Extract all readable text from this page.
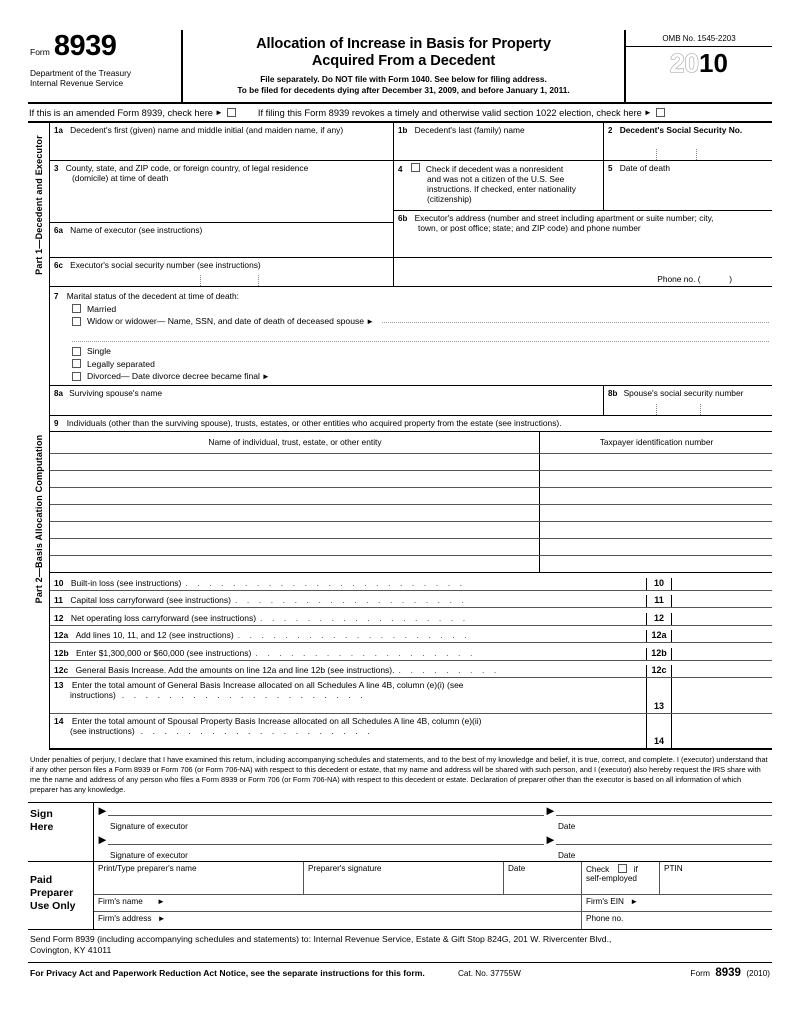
Form 8939
Department of the Treasury
Internal Revenue Service
Allocation of Increase in Basis for Property
Acquired From a Decedent
File separately. Do NOT file with Form 1040. See below for filing address.
To be filed for decedents dying after December 31, 2009, and before January 1, 2011.
OMB No. 1545-2203
2010
If this is an amended Form 8939, check here ►	If filing this Form 8939 revokes a timely and otherwise valid section 1022 election, check here ►
Part 1—Decedent and Executor
1a Decedent's first (given) name and middle initial (and maiden name, if any)	1b Decedent's last (family) name	2 Decedent's Social Security No.
3 County, state, and ZIP code, or foreign country, of legal residence
(domicile) at time of death
6a Name of executor (see instructions)
4	Check if decedent was a nonresident
and was not a citizen of the U.S. See
instructions. If checked, enter nationality
(citizenship)
5 Date of death
6b Executor's address (number and street including apartment or suite number; city,
town, or post office; state; and ZIP code) and phone number
6c Executor's social security number (see instructions)
Phone no. (	)
Part 2—Basis Allocation Computation
7 Marital status of the decedent at time of death:
Married
Widow or widower— Name, SSN, and date of death of deceased spouse ►
Single
Legally separated
Divorced— Date divorce decree became final ►
8a Surviving spouse's name	8b Spouse's social security number
9 Individuals (other than the surviving spouse), trusts, estates, or other entities who acquired property from the estate (see instructions).
Name of individual, trust, estate, or other entity	Taxpayer identification number
10 Built-in loss (see instructions) . . . . . . . . . . . . . . . . . . . . . . . .	10
11 Capital loss carryforward (see instructions) . . . . . . . . . . . . . . . . . . . .	11
12 Net operating loss carryforward (see instructions) . . . . . . . . . . . . . . . . . .	12
12a Add lines 10, 11, and 12 (see instructions) . . . . . . . . . . . . . . . . . . . .	12a
12b Enter $1,300,000 or $60,000 (see instructions) . . . . . . . . . . . . . . . . . . .	12b
12c General Basis Increase. Add the amounts on line 12a and line 12b (see instructions). . . . . . . . . .	12c
13 Enter the total amount of General Basis Increase allocated on all Schedules A line 4B, column (e)(i) (see
instructions) . . . . . . . . . . . . . . . . . . . . .
13
14 Enter the total amount of Spousal Property Basis Increase allocated on all Schedules A line 4B, column (e)(ii)
(see instructions) . . . . . . . . . . . . . . . . . . . .
14
Under penalties of perjury, I declare that I have examined this return, including accompanying schedules and statements, and to the best of my knowledge and belief, it is true, correct, and complete. I (executor) understand that if any other person files a Form 8939 or Form 706 (or Form 706-NA) with respect to this decedent or estate, that my name and address will be shared with such person, and I (executor) also hereby request the IRS share with me the name and address of any person who files a Form 8939 or Form 706 (or Form 706-NA) with respect to this decedent or estate. Declaration of preparer other than the executor is based on all information of which preparer has any knowledge.
Sign
Here
►
Signature of executor
►
Date
►
Signature of executor
►
Date
Paid
Preparer
Use Only
Print/Type preparer's name	Preparer's signature	Date	Check	if
self-employed
PTIN
Firm's name ►	Firm's EIN ►
Firm's address ►	Phone no.
Send Form 8939 (including accompanying schedules and statements) to: Internal Revenue Service, Estate & Gift Stop 824G, 201 W. Rivercenter Blvd.,
Covington, KY 41011
For Privacy Act and Paperwork Reduction Act Notice, see the separate instructions for this form.	Cat. No. 37755W	Form 8939 (2010)
